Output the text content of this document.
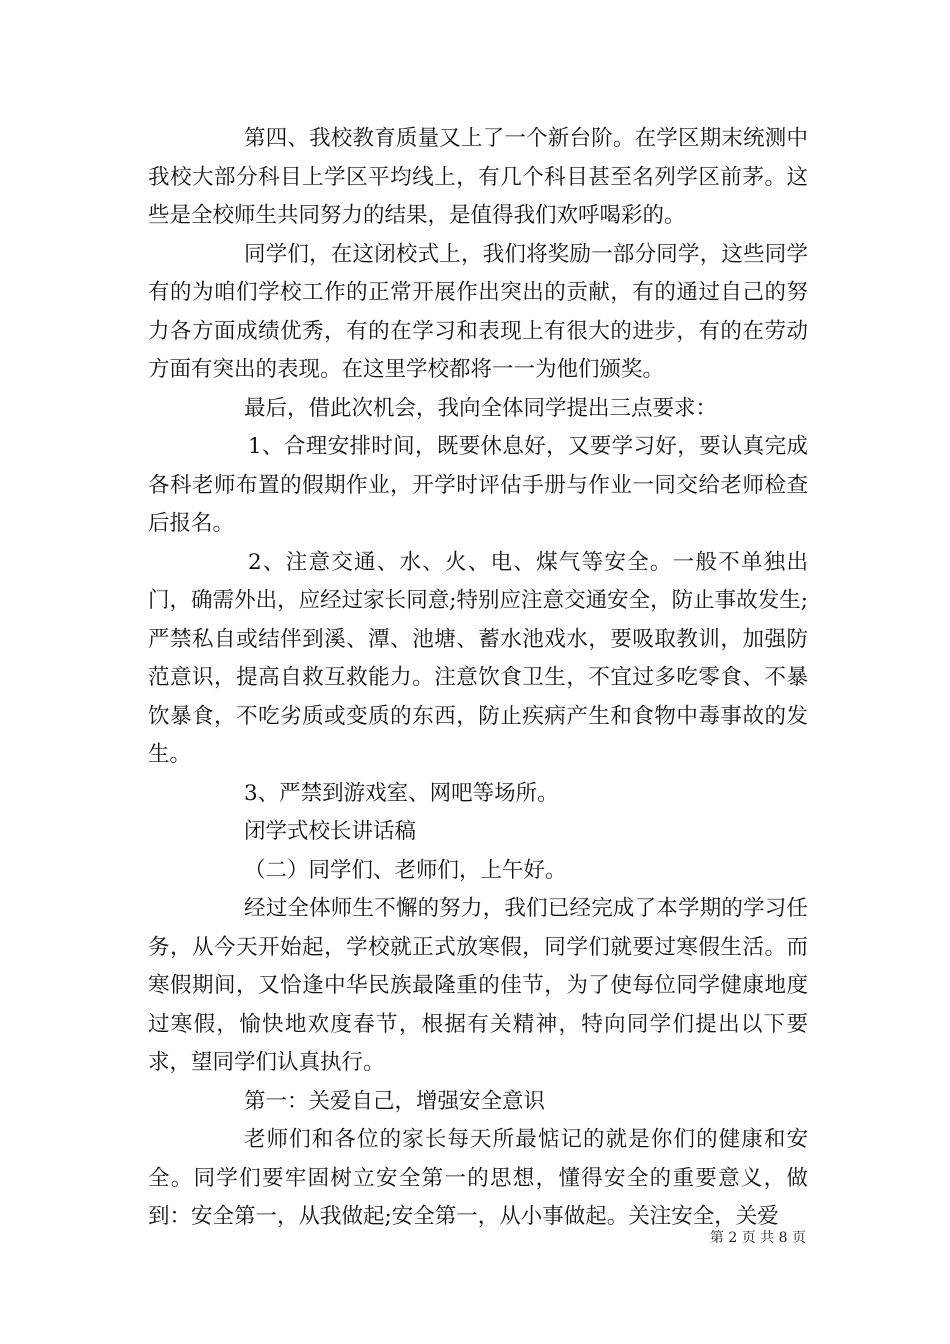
第四、我校教育质量又上了一个新台阶。在学区期末统测中我校大部分科目上学区平均线上，有几个科目甚至名列学区前茅。这些是全校师生共同努力的结果，是值得我们欢呼喝彩的。

同学们，在这闭校式上，我们将奖励一部分同学，这些同学有的为咱们学校工作的正常开展作出突出的贡献，有的通过自己的努力各方面成绩优秀，有的在学习和表现上有很大的进步，有的在劳动方面有突出的表现。在这里学校都将一一为他们颁奖。

最后，借此次机会，我向全体同学提出三点要求：

1、合理安排时间，既要休息好，又要学习好，要认真完成各科老师布置的假期作业，开学时评估手册与作业一同交给老师检查后报名。

2、注意交通、水、火、电、煤气等安全。一般不单独出门，确需外出，应经过家长同意;特别应注意交通安全，防止事故发生;严禁私自或结伴到溪、潭、池塘、蓄水池戏水，要吸取教训，加强防范意识，提高自救互救能力。注意饮食卫生，不宜过多吃零食、不暴饮暴食，不吃劣质或变质的东西，防止疾病产生和食物中毒事故的发生。

3、严禁到游戏室、网吧等场所。

闭学式校长讲话稿

（二）同学们、老师们，上午好。

经过全体师生不懈的努力，我们已经完成了本学期的学习任务，从今天开始起，学校就正式放寒假，同学们就要过寒假生活。而寒假期间，又恰逢中华民族最隆重的佳节，为了使每位同学健康地度过寒假，愉快地欢度春节，根据有关精神，特向同学们提出以下要求，望同学们认真执行。

第一：关爱自己，增强安全意识

老师们和各位的家长每天所最惦记的就是你们的健康和安全。同学们要牢固树立安全第一的思想，懂得安全的重要意义，做到：安全第一，从我做起;安全第一，从小事做起。关注安全，关爱

第 2 页 共 8 页
